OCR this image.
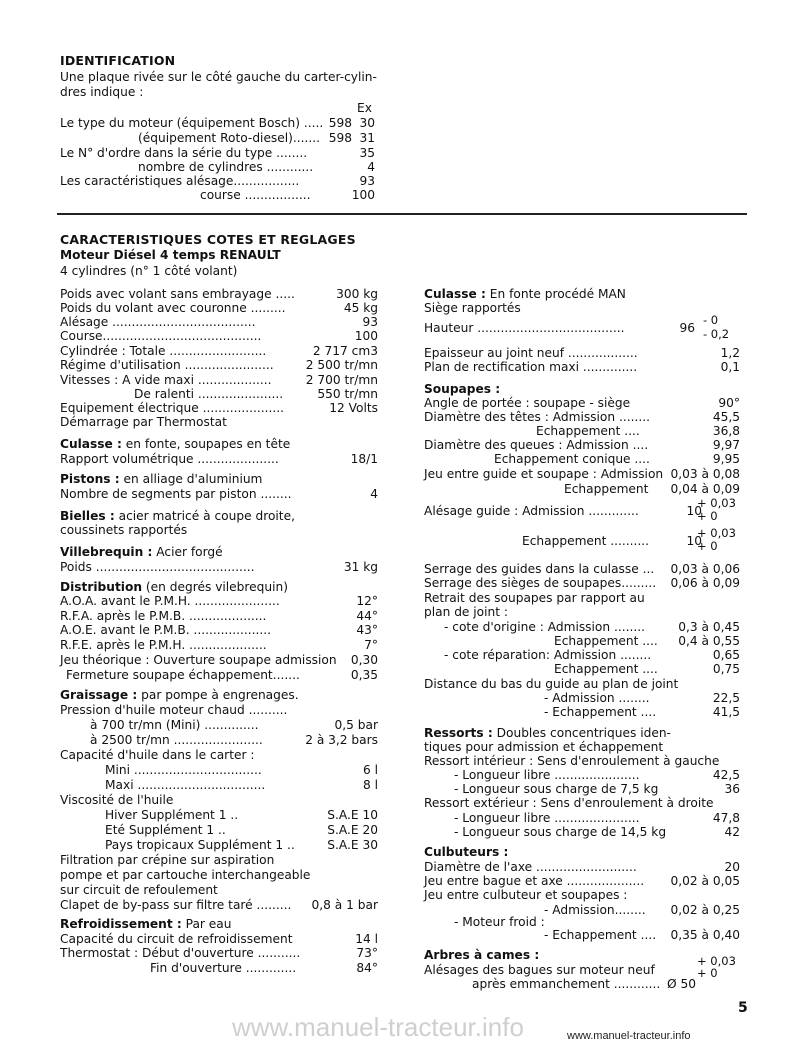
IDENTIFICATION
Une plaque rivée sur le côté gauche du carter-cylin-
dres indique :
Ex
Le type du moteur (équipement Bosch) ..... 598 30
(équipement Roto-diesel)....... 598 31
Le N° d'ordre dans la série du type ........	35
nombre de cylindres ............	4
Les caractéristiques alésage.................	93
course .................	100
CARACTERISTIQUES COTES ET REGLAGES
Moteur Diésel 4 temps RENAULT
4 cylindres (n° 1 côté volant)
Poids avec volant sans embrayage .....	300 kg
Poids du volant avec couronne .........	45 kg
Alésage .....................................	93
Course.........................................	100
Cylindrée : Totale .........................	2 717 cm3
Régime d'utilisation .......................	2 500 tr/mn
Vitesses : A vide maxi ...................	2 700 tr/mn
De ralenti ......................	550 tr/mn
Equipement électrique .....................	12 Volts
Démarrage par Thermostat
Culasse : en fonte, soupapes en tête
Rapport volumétrique .....................	18/1
Pistons : en alliage d'aluminium
Nombre de segments par piston ........	4
Bielles : acier matricé à coupe droite,
coussinets rapportés
Villebrequin : Acier forgé
Poids .........................................	31 kg
Distribution (en degrés vilebrequin)
A.O.A. avant le P.M.H. ......................	12°
R.F.A. après le P.M.B. ....................	44°
A.O.E. avant le P.M.B. ....................	43°
R.F.E. après le P.M.H. ....................	7°
Jeu théorique : Ouverture soupape admission 0,30
Fermeture soupape échappement.......	0,35
Graissage : par pompe à engrenages.
Pression d'huile moteur chaud ..........
à 700 tr/mn (Mini) ..............	0,5 bar
à 2500 tr/mn .......................	2 à 3,2 bars
Capacité d'huile dans le carter :
Mini .................................	6 l
Maxi .................................	8 l
Viscosité de l'huile
Hiver Supplément 1 ..	S.A.E 10
Eté Supplément 1 ..	S.A.E 20
Pays tropicaux Supplément 1 ..	S.A.E 30
Filtration par crépine sur aspiration
pompe et par cartouche interchangeable
sur circuit de refoulement
Clapet de by-pass sur filtre taré ......... 0,8 à 1 bar
Refroidissement : Par eau
Capacité du circuit de refroidissement	14 l
Thermostat : Début d'ouverture ...........	73°
Fin d'ouverture .............	84°
Culasse : En fonte procédé MAN
Siège rapportés
Hauteur ......................................	96
Epaisseur au joint neuf ..................	1,2
Plan de rectification maxi ..............	0,1
Soupapes :
Angle de portée : soupape - siège	90°
Diamètre des têtes : Admission ........	45,5
Echappement ....	36,8
Diamètre des queues : Admission ....	9,97
Echappement conique ....	9,95
Jeu entre guide et soupape : Admission 0,03 à 0,08
Echappement 0,04 à 0,09
Alésage guide : Admission .............	10
Echappement ..........	10
Serrage des guides dans la culasse ... 0,03 à 0,06
Serrage des sièges de soupapes......... 0,06 à 0,09
Retrait des soupapes par rapport au
plan de joint :
- cote d'origine : Admission ........	0,3 à 0,45
Echappement .... 0,4 à 0,55
- cote réparation: Admission ........	0,65
Echappement ....	0,75
Distance du bas du guide au plan de joint
- Admission ........	22,5
- Echappement ....	41,5
Ressorts : Doubles concentriques iden-
tiques pour admission et échappement
Ressort intérieur : Sens d'enroulement à gauche
- Longueur libre ......................	42,5
- Longueur sous charge de 7,5 kg	36
Ressort extérieur : Sens d'enroulement à droite
- Longueur libre ......................	47,8
- Longueur sous charge de 14,5 kg	42
Culbuteurs :
Diamètre de l'axe ..........................	20
Jeu entre bague et axe .................... 0,02 à 0,05
Jeu entre culbuteur et soupapes :
- Admission........ 0,02 à 0,25
- Moteur froid :
- Echappement .... 0,35 à 0,40
Arbres à cames :
Alésages des bagues sur moteur neuf
après emmanchement ............ Ø 50
- 0
- 0,2
+ 0,03
+ 0
+ 0,03
+ 0
+ 0,03
+ 0
5
www.manuel-tracteur.info	www.manuel-tracteur.info
